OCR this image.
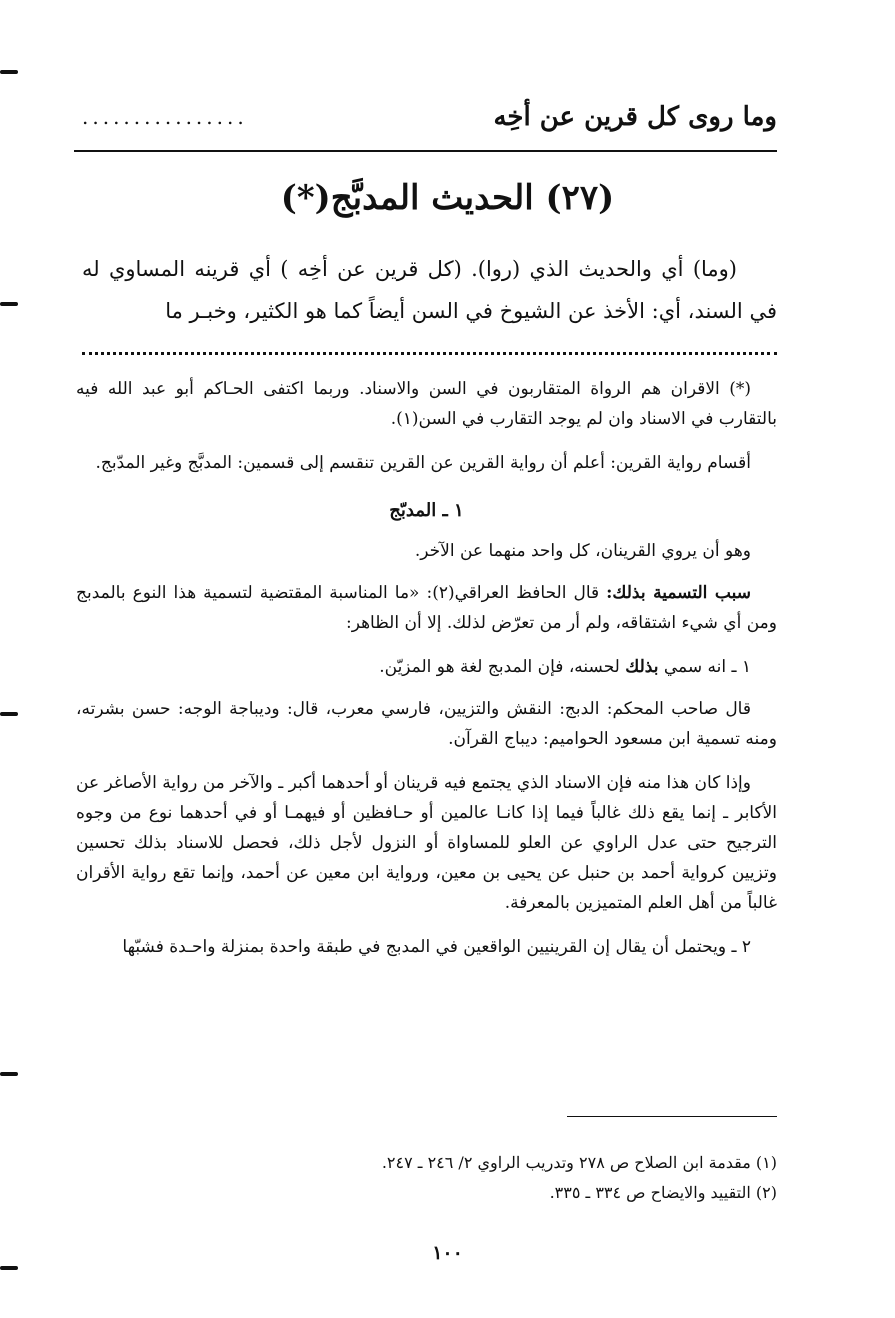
وما روى كل قرين عن أخِه
................
(٢٧) الحديث المدبَّج(*)

(وما) أي والحديث الذي (روا). (كل قرين عن أخِه ) أي قرينه المساوي له في السند، أي: الأخذ عن الشيوخ في السن أيضاً كما هو الكثير، وخبـر ما

(*) الاقران هم الرواة المتقاربون في السن والاسناد. وربما اكتفى الحـاكم أبو عبد الله فيه بالتقارب في الاسناد وان لم يوجد التقارب في السن(١).

أقسام رواية القرين: أعلم أن رواية القرين عن القرين تنقسم إلى قسمين: المدبَّج وغير المدّبج.

١ ـ المدبّج

وهو أن يروي القرينان، كل واحد منهما عن الآخر.

سبب التسمية بذلك: قال الحافظ العراقي(٢): «ما المناسبة المقتضية لتسمية هذا النوع بالمدبج ومن أي شيء اشتقاقه، ولم أر من تعرّض لذلك. إلا أن الظاهر:

١ ـ انه سمي بذلك لحسنه، فإن المدبج لغة هو المزيّن.

قال صاحب المحكم: الدبج: النقش والتزيين، فارسي معرب، قال: وديباجة الوجه: حسن بشرته، ومنه تسمية ابن مسعود الحواميم: ديباج القرآن.

وإذا كان هذا منه فإن الاسناد الذي يجتمع فيه قرينان أو أحدهما أكبر ـ والآخر من رواية الأصاغر عن الأكابر ـ إنما يقع ذلك غالباً فيما إذا كانـا عالمين أو حـافظين أو فيهمـا أو في أحدهما نوع من وجوه الترجيح حتى عدل الراوي عن العلو للمساواة أو النزول لأجل ذلك، فحصل للاسناد بذلك تحسين وتزيين كرواية أحمد بن حنبل عن يحيى بن معين، ورواية ابن معين عن أحمد، وإنما تقع رواية الأقران غالباً من أهل العلم المتميزين بالمعرفة.

٢ ـ ويحتمل أن يقال إن القرينيين الواقعين في المدبج في طبقة واحدة بمنزلة واحـدة فشبّها

(١) مقدمة ابن الصلاح ص ٢٧٨ وتدريب الراوي ٢/ ٢٤٦ ـ ٢٤٧.

(٢) التقييد والايضاح ص ٣٣٤ ـ ٣٣٥.

١٠٠
